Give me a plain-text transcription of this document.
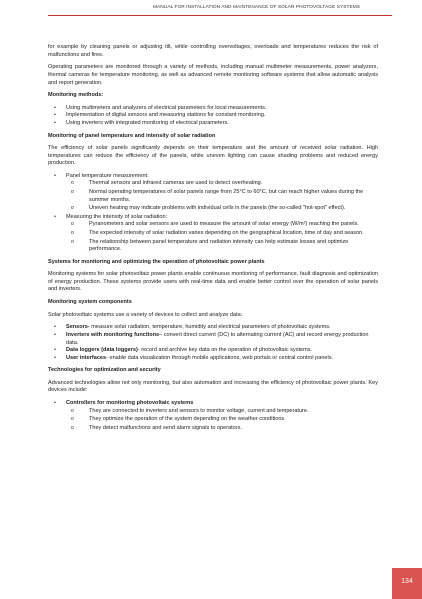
MANUAL FOR INSTALLATION AND MAINTENANCE OF SOLAR PHOTOVOLTAGE SYSTEMS

for example by cleaning panels or adjusting tilt, while controlling overvoltages, overloads and temperatures reduces the risk of malfunctions and fires.

Operating parameters are monitored through a variety of methods, including manual multimeter measurements, power analyzers, thermal cameras for temperature monitoring, as well as advanced remote monitoring software systems that allow automatic analysis and report generation.

Monitoring methods:
• Using multimeters and analyzers of electrical parameters for local measurements.
• Implementation of digital sensors and measuring stations for constant monitoring.
• Using inverters with integrated monitoring of electrical parameters.
Monitoring of panel temperature and intensity of solar radiation

The efficiency of solar panels significantly depends on their temperature and the amount of received solar radiation. High temperatures can reduce the efficiency of the panels, while uneven lighting can cause shading problems and reduced energy production.

• Panel temperature measurement:
o Thermal sensors and infrared cameras are used to detect overheating.
o Normal operating temperatures of solar panels range from 25°C to 60°C, but can reach higher values during the summer months.
o Uneven heating may indicate problems with individual cells in the panels (the so-called "hot-spot" effect).
• Measuring the intensity of solar radiation:
o Pyranometers and solar sensors are used to measure the amount of solar energy (W/m²) reaching the panels.
o The expected intensity of solar radiation varies depending on the geographical location, time of day and season.
o The relationship between panel temperature and radiation intensity can help estimate losses and optimize performance.
Systems for monitoring and optimizing the operation of photovoltaic power plants

Monitoring systems for solar photovoltaic power plants enable continuous monitoring of performance, fault diagnosis and optimization of energy production. These systems provide users with real-time data and enable better control over the operation of solar panels and inverters.

Monitoring system components

Solar photovoltaic systems use a variety of devices to collect and analyze data:

• Sensors- measure solar radiation, temperature, humidity and electrical parameters of photovoltaic systems.
• Inverters with monitoring functions– convert direct current (DC) to alternating current (AC) and record energy production data.
• Data loggers (data loggers)- record and archive key data on the operation of photovoltaic systems.
• User interfaces- enable data visualization through mobile applications, web portals or central control panels.
Technologies for optimization and security

Advanced technologies allow not only monitoring, but also automation and increasing the efficiency of photovoltaic power plants. Key devices include:

• Controllers for monitoring photovoltaic systems
o They are connected to inverters and sensors to monitor voltage, current and temperature.
o They optimize the operation of the system depending on the weather conditions.
o They detect malfunctions and send alarm signals to operators.
134
